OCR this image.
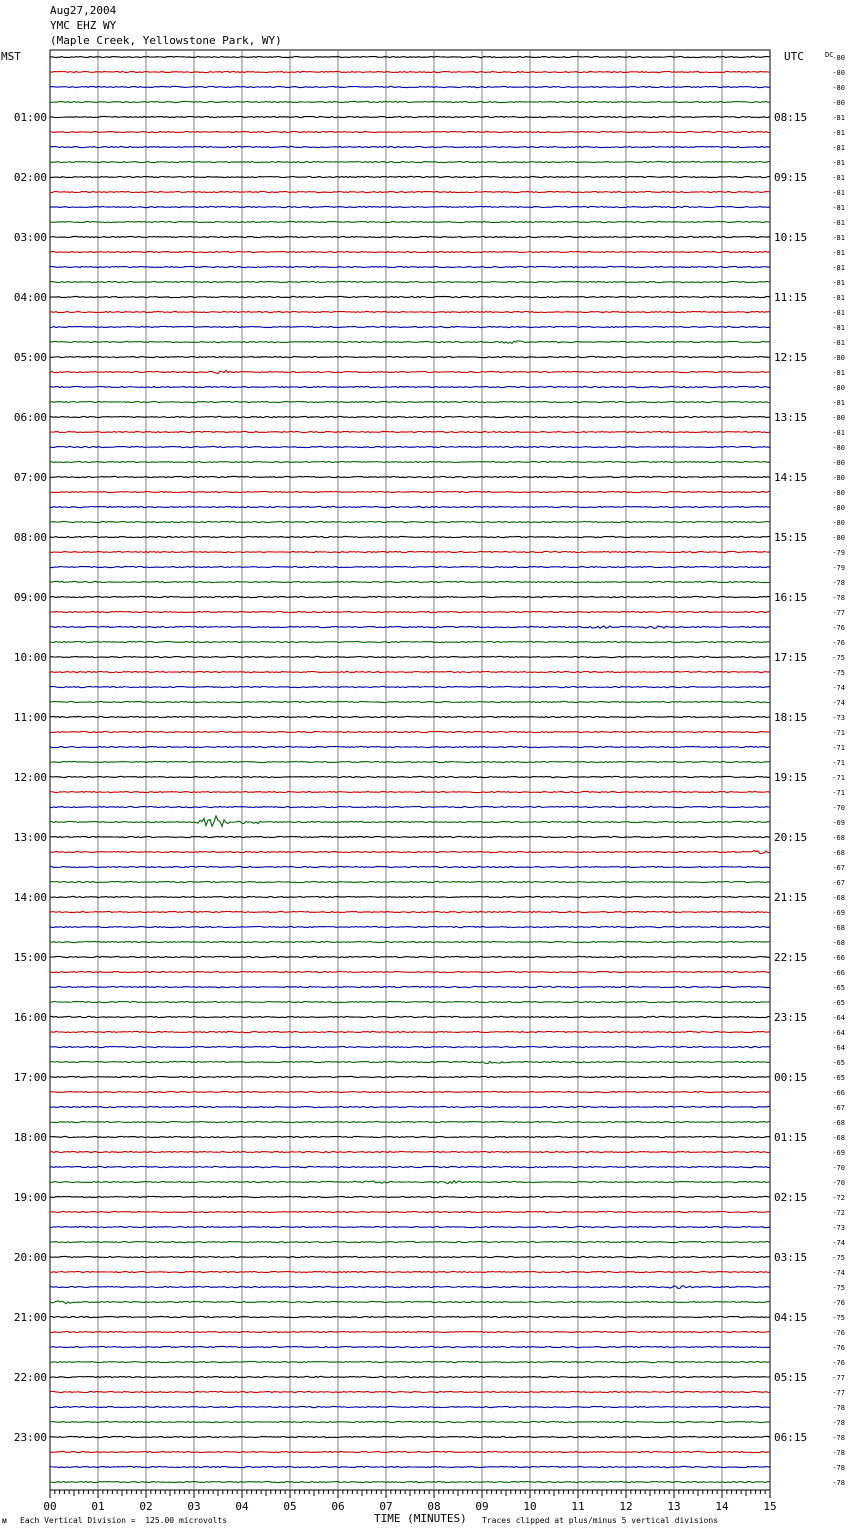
Aug27,2004
YMC EHZ WY
(Maple Creek, Yellowstone Park, WY)
MST	UTC	-80
-80
-80
-80
-81
-81
-81
-81
-81
-81
-81
-81
-81
-81
-81
-81
-81
-81
-81
-81
-80
-81
-80
-81
-80
-81
-80
-80
-80
-80
-80
-80
-80
-79
-79
-78
-78
-77
-76
-76
-75
-75
-74
-74
-73
-71
-71
-71
-71
-71
-70
-69
-68
-68
-67
-67
-68
-69
-68
-68
-66
-66
-65
-65
-64
-64
-64
-65
-65
-66
-67
-68
-68
-69
-70
-70
-72
-72
-73
-74
-75
-74
-75
-76
-75
-76
-76
-76
-77
-77
-78
-78
-78
-78
-78
-78
DC
01:00
02:00
03:00
04:00
05:00
06:00
07:00
08:00
09:00
10:00
11:00
12:00
13:00
14:00
15:00
16:00
17:00
18:00
19:00
20:00
21:00
22:00
23:00
08:15
09:15
10:15
11:15
12:15
13:15
14:15
15:15
16:15
17:15
18:15
19:15
20:15
21:15
22:15
23:15
00:15
01:15
02:15
03:15
04:15
05:15
06:15
00	01	02	03	04	05	06	07	08	09	10	11	12	13	14	15
ᴍ Each Vertical Division =  125.00 microvolts	TIME (MINUTES) Traces clipped at plus/minus 5 vertical divisions
